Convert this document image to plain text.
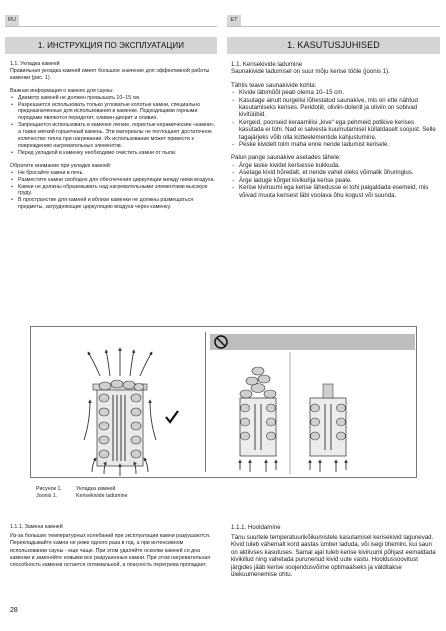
RU	ET
1. ИНСТРУКЦИЯ ПО ЭКСПЛУАТАЦИИ	1. KASUTUSJUHISED

1.1. Укладка камней

Правильная укладка камней имеет большое значение для эффективной работы каменки (рис. 1).

Важная информация о камнях для сауны:

• Диаметр камней не должен превышать 10–15 см.
• Разрешается использовать только угловатые колотые камни, специально предназначенные для использования в каменке. Подходящими горными породами являются перидотит, оливин-диорит и оливин.
• Запрещается использовать в каменке легкие, пористые керамические «камни», а также мягкий горшечный камень. Эти материалы не поглощают достаточное количество тепла при нагревании. Их использование может привести к повреждению нагревательных элементов.
• Перед укладкой в каменку необходимо очистить камни от пыли.

Обратите внимание при укладке камней:

• Не бросайте камни в печь.
• Разместите камни свободно для обеспечения циркуляции между ними воздуха.
• Камни не должны образовывать над нагревательными элементами высокую груду.
• В пространстве для камней и вблизи каменки не должны размещаться предметы, затрудняющие циркуляцию воздуха через каменку.

1.1. Kerisekivide ladumine

Saunakivide ladumisel on suur mõju kerise tööle (joonis 1).

Tähtis teave saunakivide kohta:

- Kivide läbimõõt peab olema 10–15 cm.
- Kasutage ainult nurgelisi lõhestatud saunakive, mis on ette nähtud kasutamiseks kerises. Peridotiit, oliviin-doleriit ja oliviin on sobivad kivitüübid.
- Kergeid, poorseid keraamilisi „kive“ ega pehmeid potikive kerises kasutada ei tohi. Nad ei salvesta kuumutamisel küllaldaselt soojust. Selle tagajärjeks võib olla kütteelementide kahjustumine.
- Peske kividelt tolm maha enne nende ladumist kerisele.

Palun pange saunakive asetades tähele:

- Ärge laske kividel kerisesse kukkuda.
- Asetage kivid hõredalt, et nende vahel oleks võimalik õhuringlus.
- Ärge laduge kõrget kivikuhja kerise peale.
- Kerise kiviruumi ega kerise lähedusse ei tohi paigaldada esemeid, mis võivad muuta kerisest läbi voolava õhu kogust või suunda.
Рисунок 1.	Укладка камней
Joonis 1.	Kerisekivide ladumine

1.1.1. Замена камней

Из-за больших температурных колебаний при эксплуатации камни разрушаются. Перекладывайте камни не реже одного раза в год, а при интенсивном использовании сауны - еще чаще. При этом удаляйте осколки камней со дна каменки и заменяйте новыми все разрушенные камни. При этом нагревательная способность каменки остается оптимальной, а опасность перегрева пропадает.

1.1.1. Hooldamine

Tänu suurtele temperatuurikõikumistele kasutamisel kerisekivid lagunevad. Kivid tuleb vähemalt kord aastas ümber laduda, või isegi tihemini, kui saun on aktiivses kasutuses. Samal ajal tuleb kerise kiviruumi põhjast eemaldada kivikillud ning vahetada purunenud kivid uute vastu. Hooldussoovitust järgides jääb kerise soojendusvõime optimaalseks ja välditakse ülekuumenemise ohtu.

28
